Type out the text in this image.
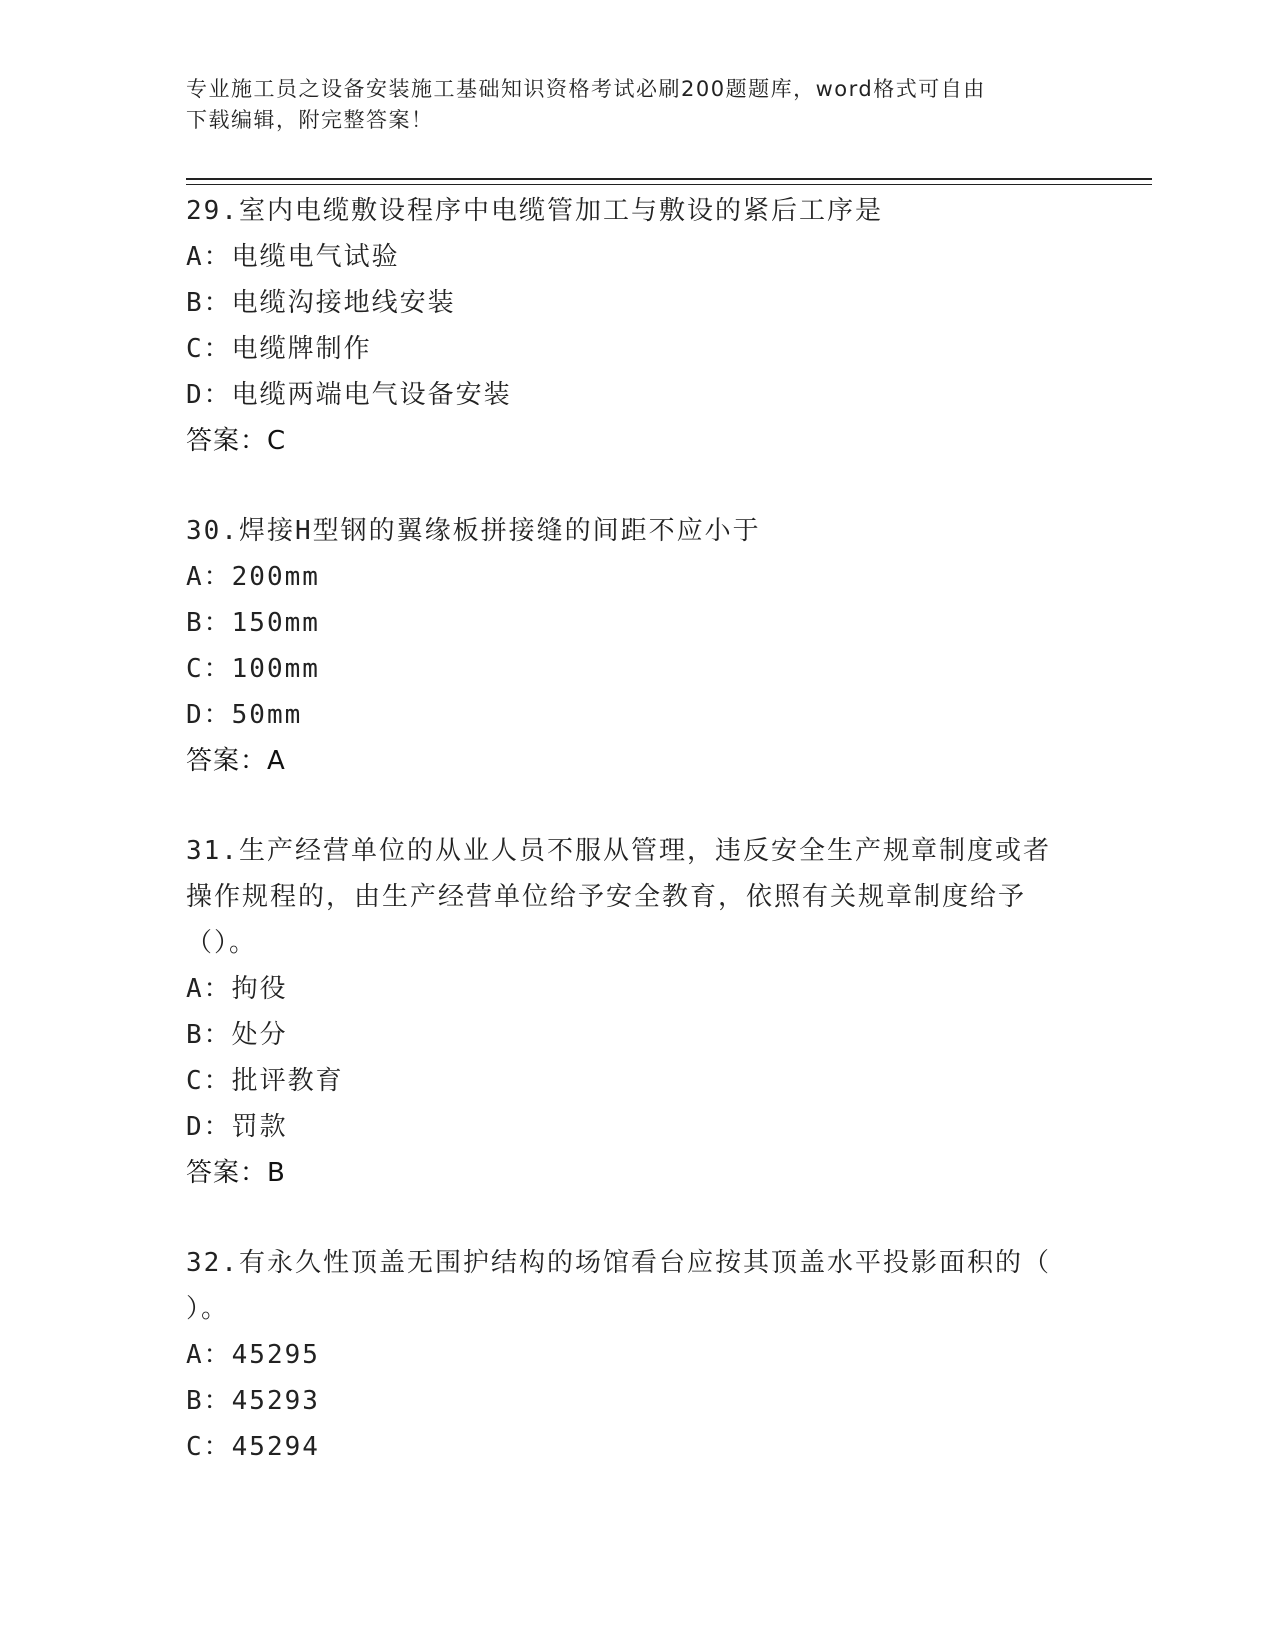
专业施工员之设备安装施工基础知识资格考试必刷200题题库，word格式可自由
下载编辑，附完整答案！
29.室内电缆敷设程序中电缆管加工与敷设的紧后工序是
A：电缆电气试验
B：电缆沟接地线安装
C：电缆牌制作
D：电缆两端电气设备安装
答案：C
30.焊接H型钢的翼缘板拼接缝的间距不应小于
A：200mm
B：150mm
C：100mm
D：50mm
答案：A
31.生产经营单位的从业人员不服从管理，违反安全生产规章制度或者
操作规程的，由生产经营单位给予安全教育，依照有关规章制度给予
（）。
A：拘役
B：处分
C：批评教育
D：罚款
答案：B
32.有永久性顶盖无围护结构的场馆看台应按其顶盖水平投影面积的（
）。
A：45295
B：45293
C：45294
